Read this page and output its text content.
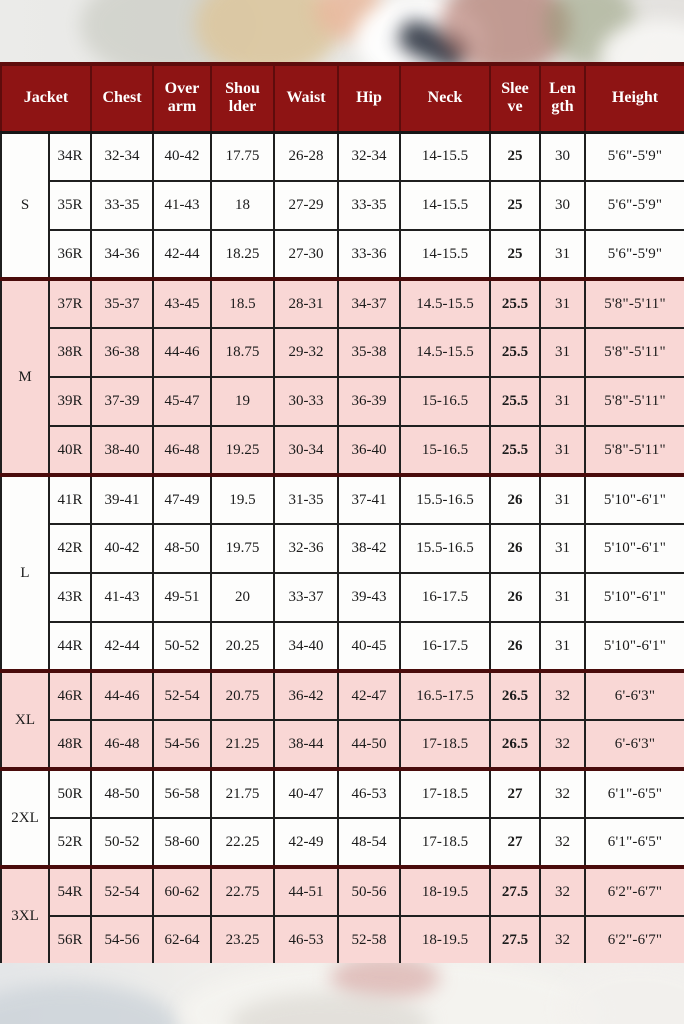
Jacket		Chest	Over arm	Shou lder	Waist	Hip	Neck	Slee ve	Len gth	Height
S	34R	32-34	40-42	17.75	26-28	32-34	14-15.5	25	30	5'6"-5'9"
	35R	33-35	41-43	18	27-29	33-35	14-15.5	25	30	5'6"-5'9"
	36R	34-36	42-44	18.25	27-30	33-36	14-15.5	25	31	5'6"-5'9"
M	37R	35-37	43-45	18.5	28-31	34-37	14.5-15.5	25.5	31	5'8"-5'11"
	38R	36-38	44-46	18.75	29-32	35-38	14.5-15.5	25.5	31	5'8"-5'11"
	39R	37-39	45-47	19	30-33	36-39	15-16.5	25.5	31	5'8"-5'11"
	40R	38-40	46-48	19.25	30-34	36-40	15-16.5	25.5	31	5'8"-5'11"
L	41R	39-41	47-49	19.5	31-35	37-41	15.5-16.5	26	31	5'10"-6'1"
	42R	40-42	48-50	19.75	32-36	38-42	15.5-16.5	26	31	5'10"-6'1"
	43R	41-43	49-51	20	33-37	39-43	16-17.5	26	31	5'10"-6'1"
	44R	42-44	50-52	20.25	34-40	40-45	16-17.5	26	31	5'10"-6'1"
XL	46R	44-46	52-54	20.75	36-42	42-47	16.5-17.5	26.5	32	6'-6'3"
	48R	46-48	54-56	21.25	38-44	44-50	17-18.5	26.5	32	6'-6'3"
2XL	50R	48-50	56-58	21.75	40-47	46-53	17-18.5	27	32	6'1"-6'5"
	52R	50-52	58-60	22.25	42-49	48-54	17-18.5	27	32	6'1"-6'5"
3XL	54R	52-54	60-62	22.75	44-51	50-56	18-19.5	27.5	32	6'2"-6'7"
	56R	54-56	62-64	23.25	46-53	52-58	18-19.5	27.5	32	6'2"-6'7"
